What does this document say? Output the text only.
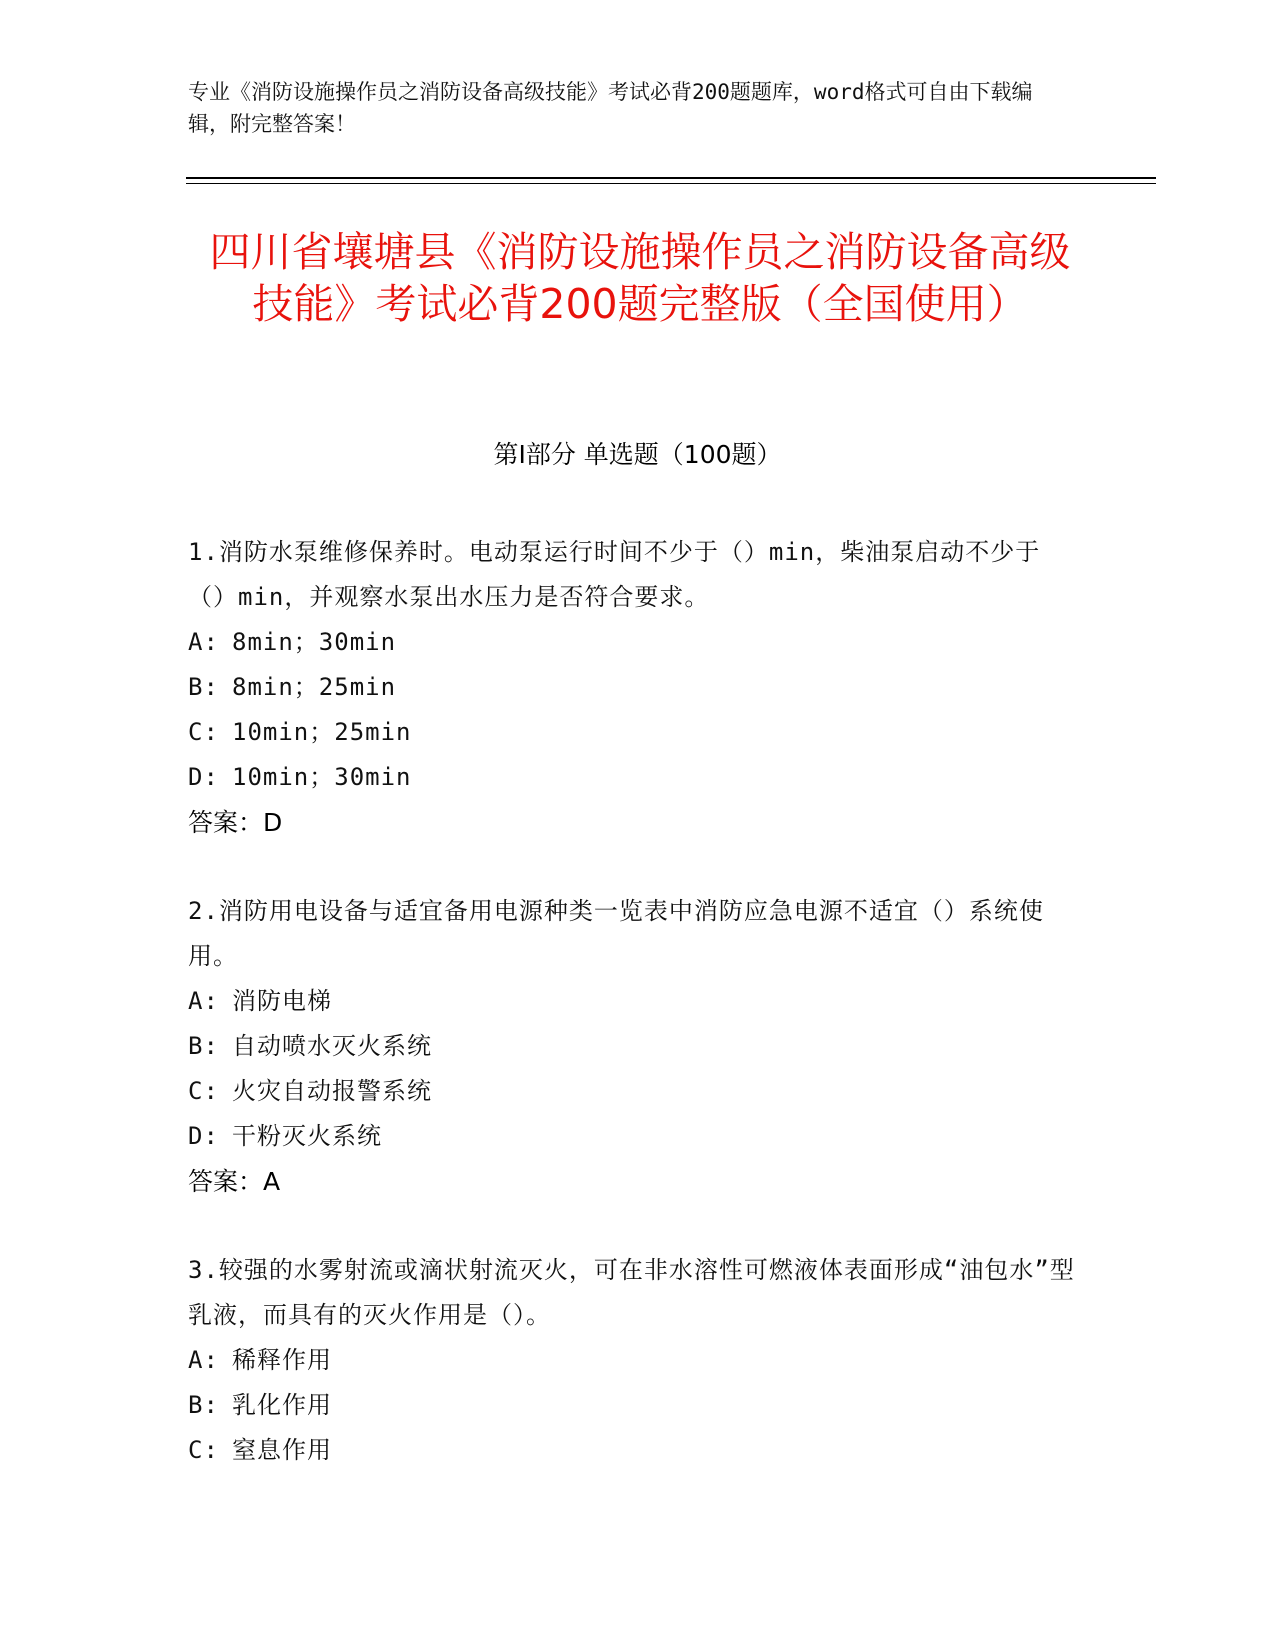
专业《消防设施操作员之消防设备高级技能》考试必背200题题库，word格式可自由下载编辑，附完整答案！
四川省壤塘县《消防设施操作员之消防设备高级技能》考试必背200题完整版（全国使用）
第I部分 单选题（100题）
1.消防水泵维修保养时。电动泵运行时间不少于（）min，柴油泵启动不少于（）min，并观察水泵出水压力是否符合要求。
A: 8min；30min
B: 8min；25min
C: 10min；25min
D: 10min；30min
答案：D
2.消防用电设备与适宜备用电源种类一览表中消防应急电源不适宜（）系统使用。
A: 消防电梯
B: 自动喷水灭火系统
C: 火灾自动报警系统
D: 干粉灭火系统
答案：A
3.较强的水雾射流或滴状射流灭火，可在非水溶性可燃液体表面形成“油包水”型乳液，而具有的灭火作用是（）。
A: 稀释作用
B: 乳化作用
C: 窒息作用
